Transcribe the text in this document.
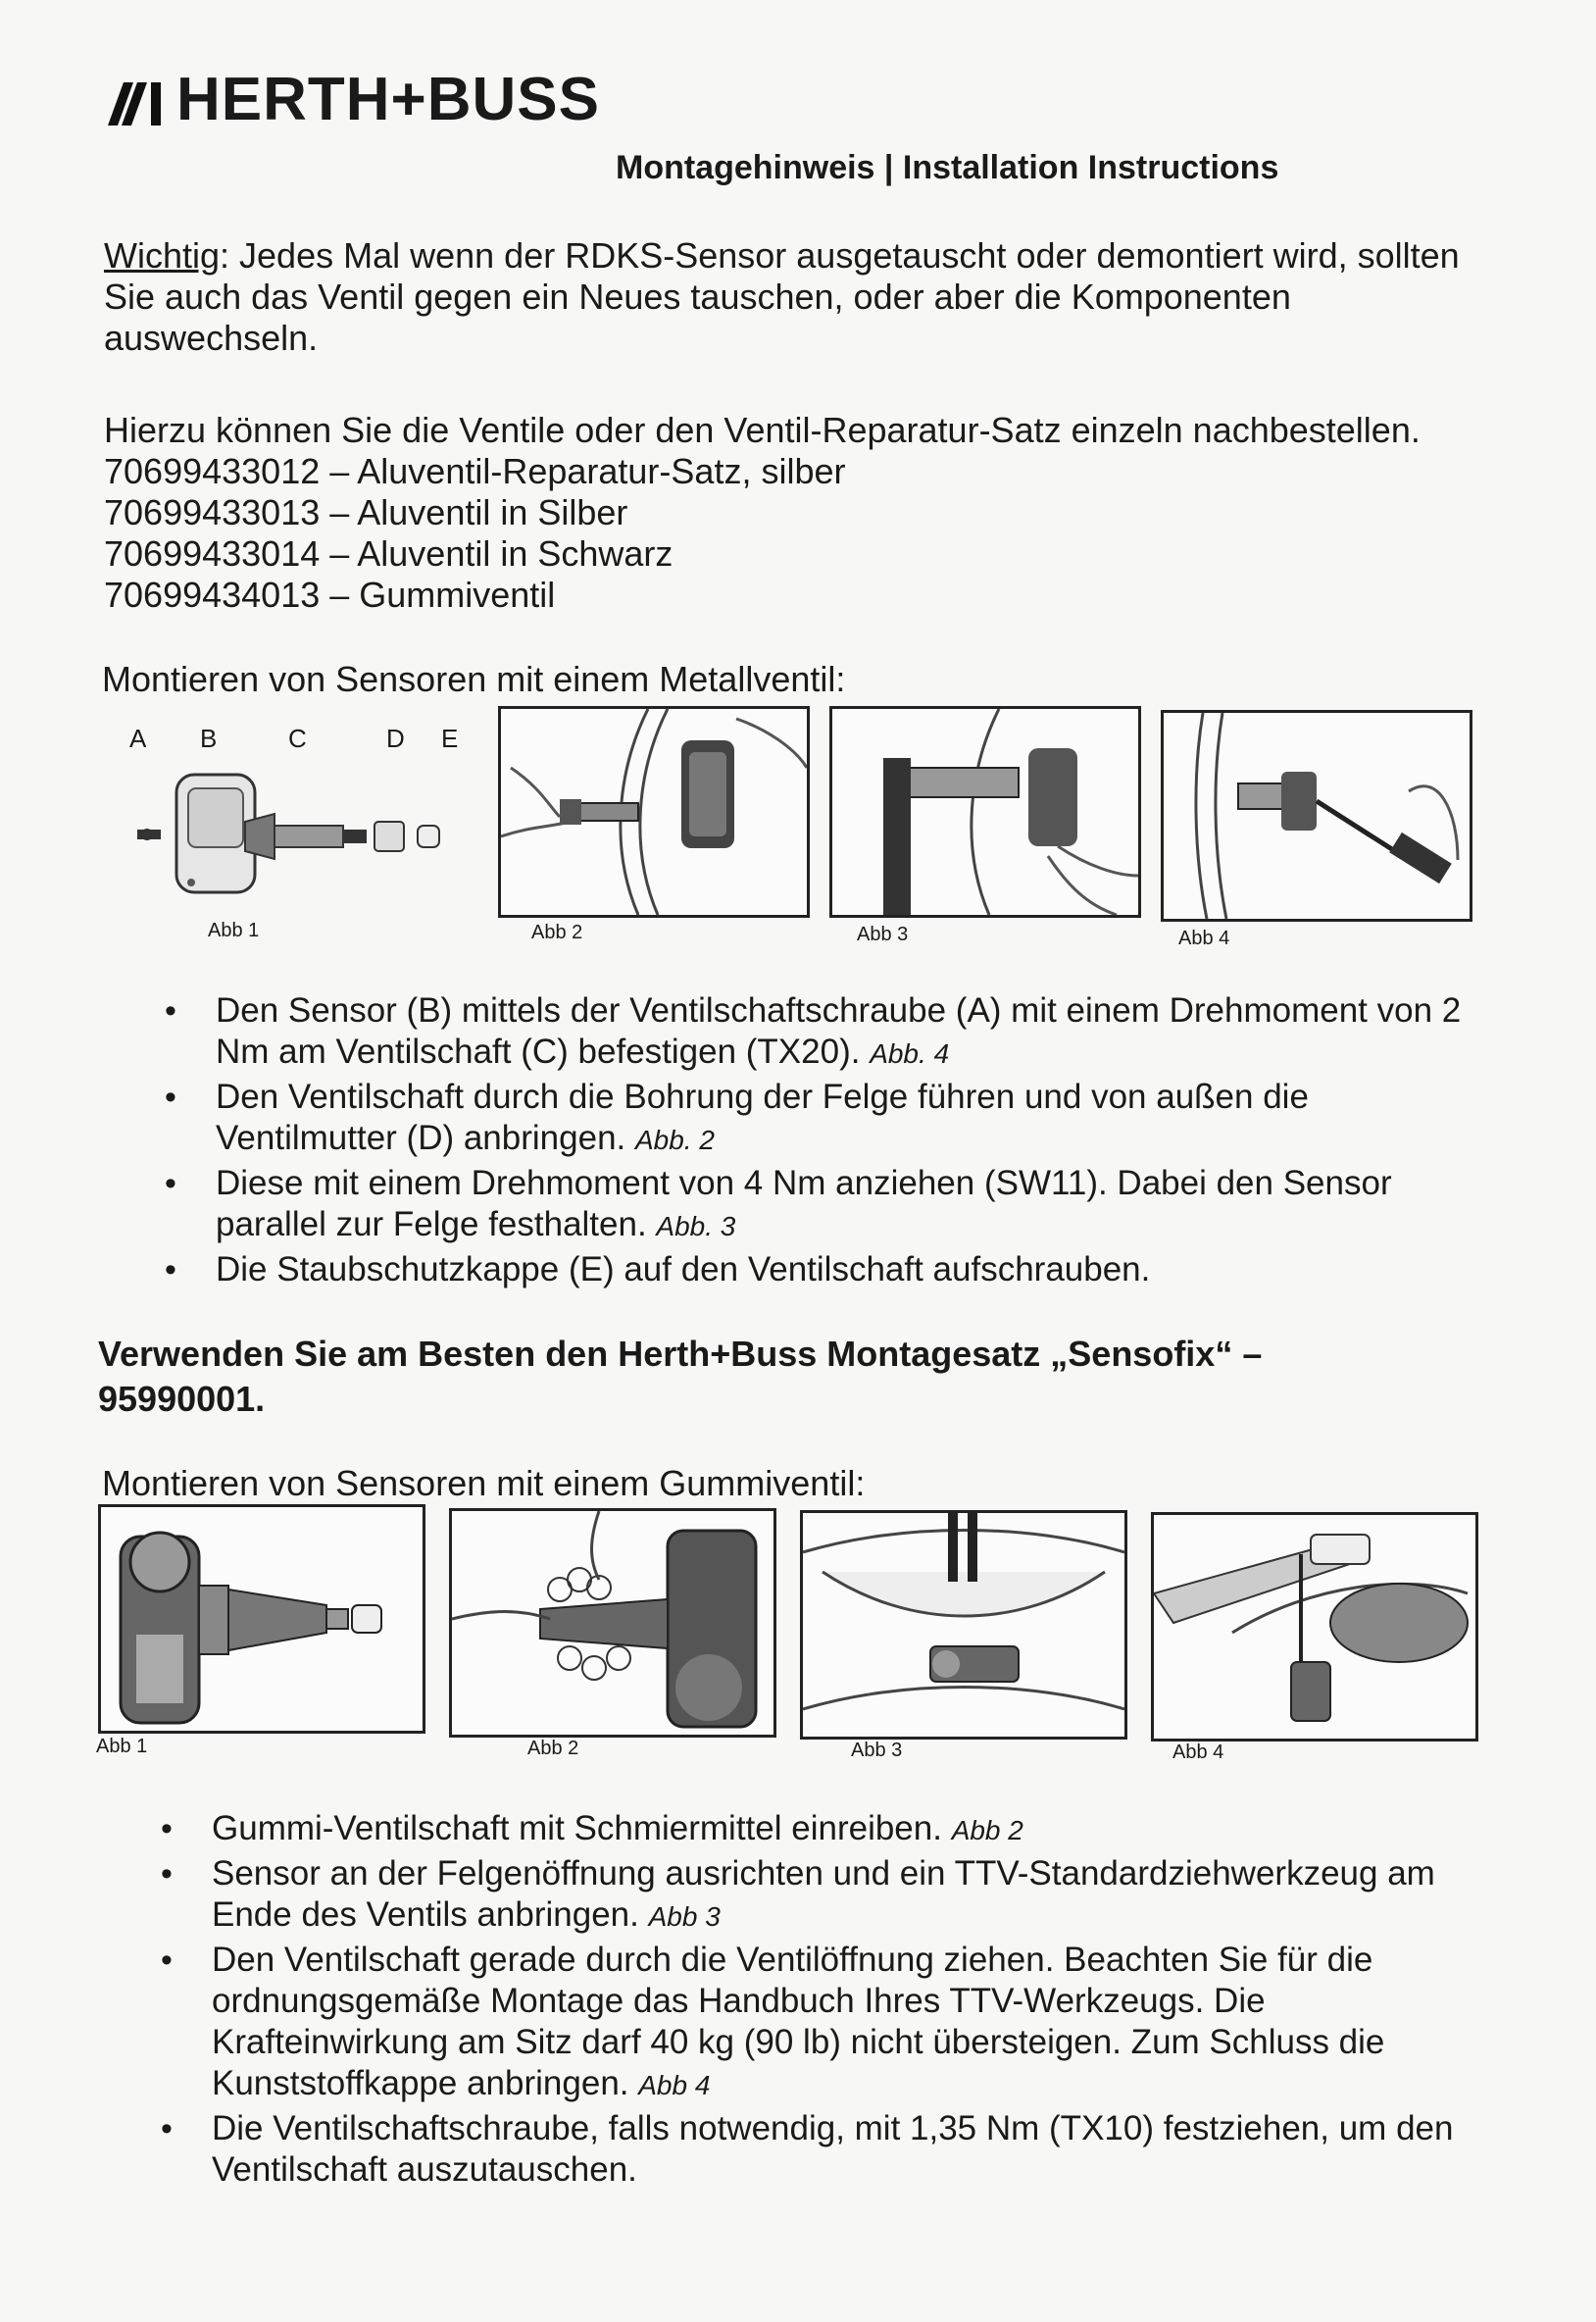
HERTH+BUSS
Montagehinweis | Installation Instructions
Wichtig: Jedes Mal wenn der RDKS-Sensor ausgetauscht oder demontiert wird, sollten Sie auch das Ventil gegen ein Neues tauschen, oder aber die Komponenten auswechseln.
Hierzu können Sie die Ventile oder den Ventil-Reparatur-Satz einzeln nachbestellen.
70699433012 – Aluventil-Reparatur-Satz, silber
70699433013 – Aluventil in Silber
70699433014 – Aluventil in Schwarz
70699434013 – Gummiventil
Montieren von Sensoren mit einem Metallventil:
A B	C	D E
Abb 1	Abb 2	Abb 3	Abb 4
• Den Sensor (B) mittels der Ventilschaftschraube (A) mit einem Drehmoment von 2 Nm am Ventilschaft (C) befestigen (TX20). Abb. 4
• Den Ventilschaft durch die Bohrung der Felge führen und von außen die Ventilmutter (D) anbringen. Abb. 2
• Diese mit einem Drehmoment von 4 Nm anziehen (SW11). Dabei den Sensor parallel zur Felge festhalten. Abb. 3
• Die Staubschutzkappe (E) auf den Ventilschaft aufschrauben.
Verwenden Sie am Besten den Herth+Buss Montagesatz „Sensofix“ – 95990001.
Montieren von Sensoren mit einem Gummiventil:
Abb 1	Abb 2	Abb 3	Abb 4
• Gummi-Ventilschaft mit Schmiermittel einreiben. Abb 2
• Sensor an der Felgenöffnung ausrichten und ein TTV-Standardziehwerkzeug am Ende des Ventils anbringen. Abb 3
• Den Ventilschaft gerade durch die Ventilöffnung ziehen. Beachten Sie für die ordnungsgemäße Montage das Handbuch Ihres TTV-Werkzeugs. Die Krafteinwirkung am Sitz darf 40 kg (90 lb) nicht übersteigen. Zum Schluss die Kunststoffkappe anbringen. Abb 4
• Die Ventilschaftschraube, falls notwendig, mit 1,35 Nm (TX10) festziehen, um den Ventilschaft auszutauschen.
